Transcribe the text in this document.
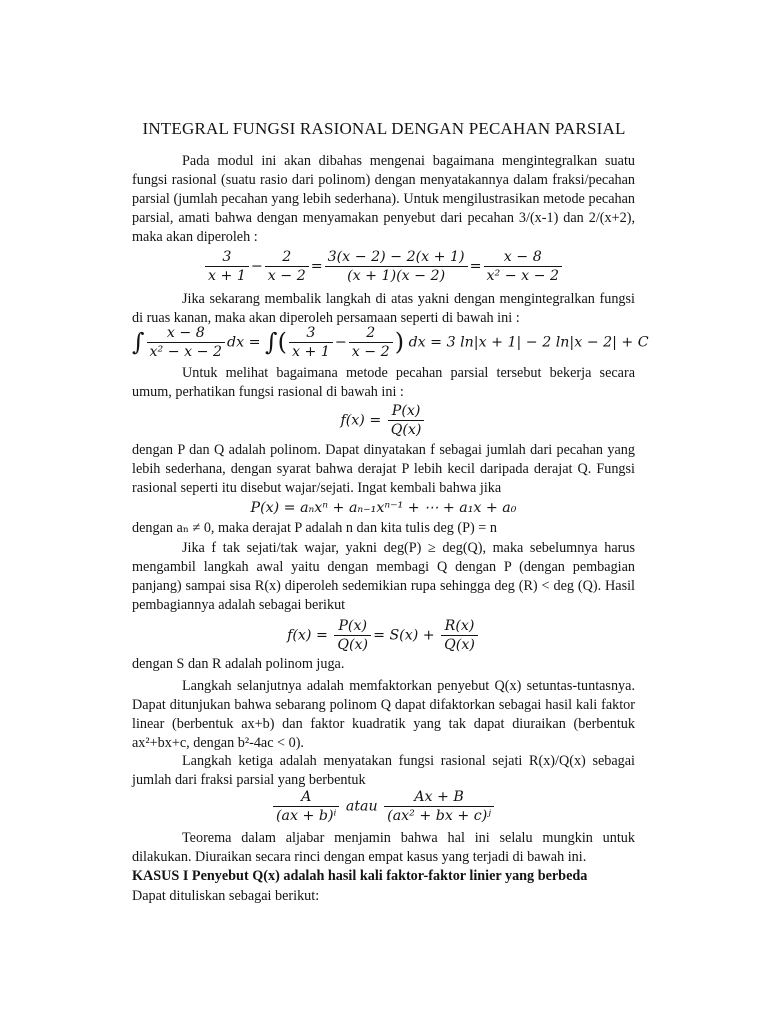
INTEGRAL FUNGSI RASIONAL DENGAN PECAHAN PARSIAL

Pada modul ini akan dibahas mengenai bagaimana mengintegralkan suatu fungsi rasional (suatu rasio dari polinom) dengan menyatakannya dalam fraksi/pecahan parsial (jumlah pecahan yang lebih sederhana). Untuk mengilustrasikan metode pecahan parsial, amati bahwa dengan menyamakan penyebut dari pecahan 3/(x-1) dan 2/(x+2), maka akan diperoleh :

$\frac{3}{x + 1} - \frac{2}{x - 2} = \frac{3(x - 2) - 2(x + 1)}{(x + 1)(x - 2)} = \frac{x - 8}{\text{x² − x − 2}}$

Jika sekarang membalik langkah di atas yakni dengan mengintegralkan fungsi di ruas kanan, maka akan diperoleh persamaan seperti di bawah ini :

∫ $\frac{x - 8}{\text{x² − x − 2}}$ dx = ∫( $\frac{3}{x + 1} - \frac{2}{x - 2}$ ) dx = 3 ln|x + 1| − 2 ln|x − 2| + C

Untuk melihat bagaimana metode pecahan parsial tersebut bekerja secara umum, perhatikan fungsi rasional di bawah ini :

$f(x) = \frac{P(x)}{Q(x)}$

dengan P dan Q adalah polinom. Dapat dinyatakan f sebagai jumlah dari pecahan yang lebih sederhana, dengan syarat bahwa derajat P lebih kecil daripada derajat Q. Fungsi rasional seperti itu disebut wajar/sejati. Ingat kembali bahwa jika

P(x) = aₙxⁿ + aₙ₋₁xⁿ⁻¹ + ⋯ + a₁x + a₀

dengan aₙ ≠ 0, maka derajat P adalah n dan kita tulis deg (P) = n

Jika f tak sejati/tak wajar, yakni deg(P) ≥ deg(Q), maka sebelumnya harus mengambil langkah awal yaitu dengan membagi Q dengan P (dengan pembagian panjang) sampai sisa R(x) diperoleh sedemikian rupa sehingga deg (R) < deg (Q). Hasil pembagiannya adalah sebagai berikut

$f(x) = \frac{P(x)}{Q(x)} = S(x) + \frac{R(x)}{Q(x)}$

dengan S dan R adalah polinom juga.

Langkah selanjutnya adalah memfaktorkan penyebut Q(x) setuntas-tuntasnya. Dapat ditunjukan bahwa sebarang polinom Q dapat difaktorkan sebagai hasil kali faktor linear (berbentuk ax+b) dan faktor kuadratik yang tak dapat diuraikan (berbentuk ax²+bx+c, dengan b²-4ac < 0).

Langkah ketiga adalah menyatakan fungsi rasional sejati R(x)/Q(x) sebagai jumlah dari fraksi parsial yang berbentuk

$\frac{A}{\text{(ax + b)ⁱ}}$ atau $\frac{Ax + B}{\text{(ax² + bx + c)ʲ}}$

Teorema dalam aljabar menjamin bahwa hal ini selalu mungkin untuk dilakukan. Diuraikan secara rinci dengan empat kasus yang terjadi di bawah ini.

KASUS I Penyebut Q(x) adalah hasil kali faktor-faktor linier yang berbeda

Dapat dituliskan sebagai berikut:
